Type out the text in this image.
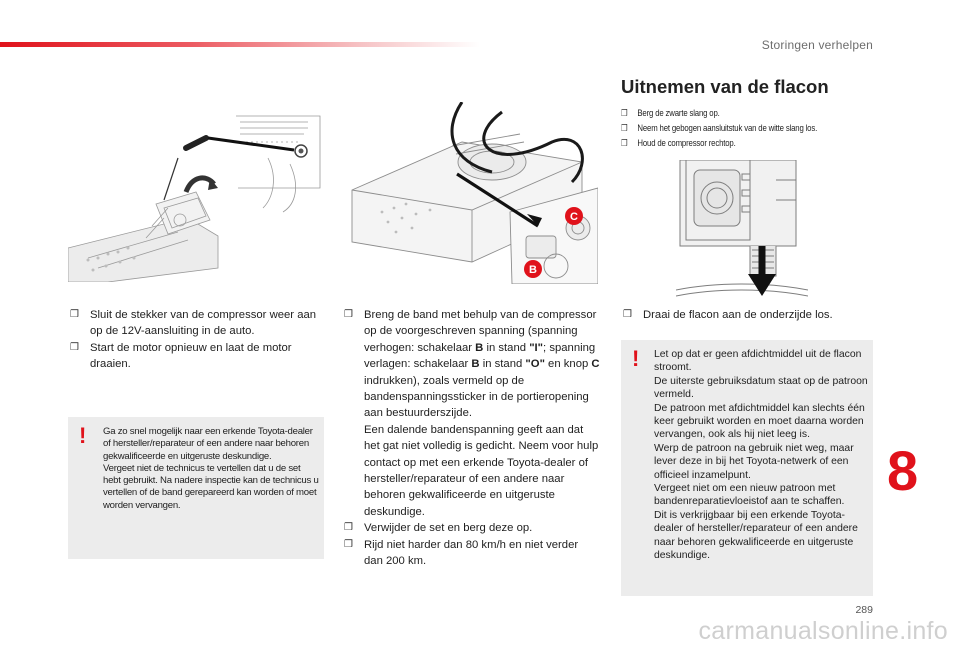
Storingen verhelpen
C
B
Uitnemen van de flacon
❒ Berg de zwarte slang op.
❒ Neem het gebogen aansluitstuk van de witte slang los.
❒ Houd de compressor rechtop.
❒ Sluit de stekker van de compressor weer aan op de 12V-aansluiting in de auto.
❒ Start de motor opnieuw en laat de motor draaien.
! Ga zo snel mogelijk naar een erkende Toyota-dealer of hersteller/reparateur of een andere naar behoren gekwalificeerde en uitgeruste deskundige.

Vergeet niet de technicus te vertellen dat u de set hebt gebruikt. Na nadere inspectie kan de technicus u vertellen of de band gerepareerd kan worden of moet worden vervangen.

❒ Breng de band met behulp van de compressor op de voorgeschreven spanning (spanning verhogen: schakelaar B in stand "I"; spanning verlagen: schakelaar B in stand "O" en knop C indrukken), zoals vermeld op de bandenspanningssticker in de portieropening aan bestuurderszijde.
Een dalende bandenspanning geeft aan dat het gat niet volledig is gedicht. Neem voor hulp contact op met een erkende Toyota-dealer of hersteller/reparateur of een andere naar behoren gekwalificeerde en uitgeruste deskundige.
❒ Verwijder de set en berg deze op.
❒ Rijd niet harder dan 80 km/h en niet verder dan 200 km.
❒ Draai de flacon aan de onderzijde los.
! Let op dat er geen afdichtmiddel uit de flacon stroomt.

De uiterste gebruiksdatum staat op de patroon vermeld.

De patroon met afdichtmiddel kan slechts één keer gebruikt worden en moet daarna worden vervangen, ook als hij niet leeg is.

Werp de patroon na gebruik niet weg, maar lever deze in bij het Toyota-netwerk of een officieel inzamelpunt.

Vergeet niet om een nieuw patroon met bandenreparatievloeistof aan te schaffen.

Dit is verkrijgbaar bij een erkende Toyota-dealer of hersteller/reparateur of een andere naar behoren gekwalificeerde en uitgeruste deskundige.

8
289
carmanualsonline.info
